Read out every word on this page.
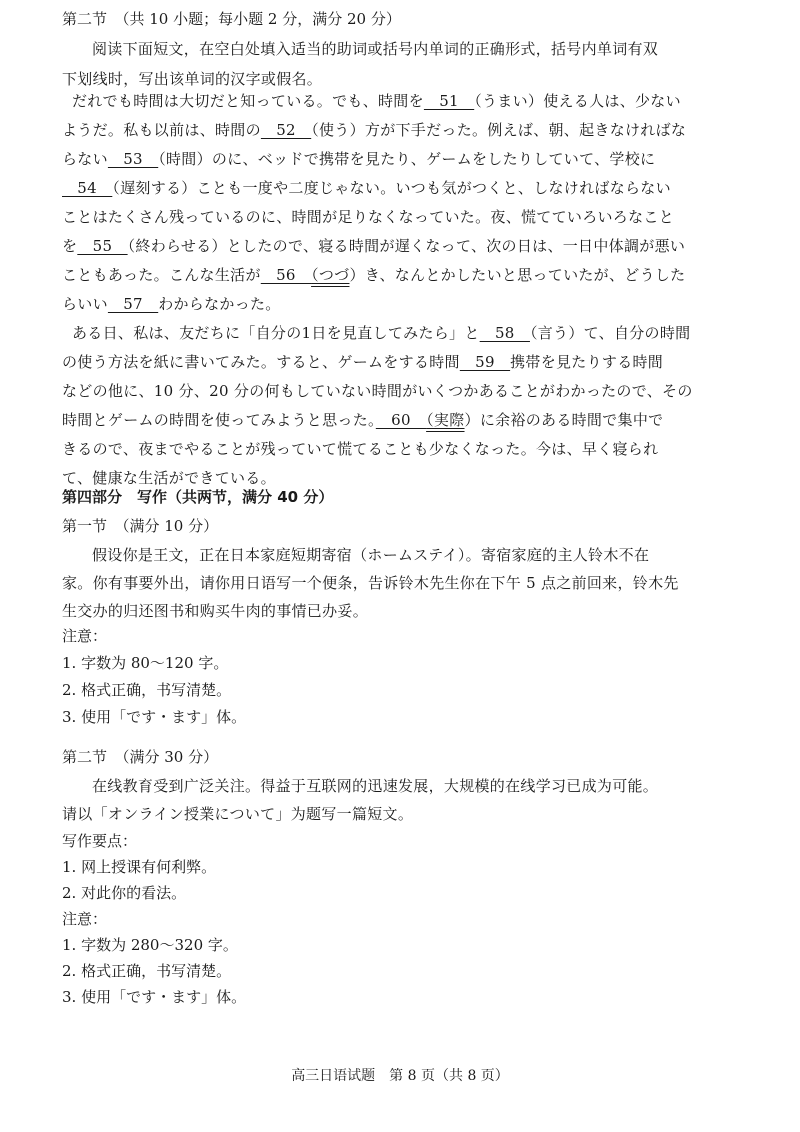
第二节　（共 10 小题；每小题 2 分，满分 20 分）
阅读下面短文，在空白处填入适当的助词或括号内单词的正确形式，括号内单词有双
下划线时，写出该单词的汉字或假名。
だれでも時間は大切だと知っている。でも、時間を　51　（うまい）使える人は、少ない
ようだ。私も以前は、時間の　52　（使う）方が下手だった。例えば、朝、起きなければな
らない　53　（時間）のに、ベッドで携帯を見たり、ゲームをしたりしていて、学校に
　54　（遅刻する）ことも一度や二度じゃない。いつも気がつくと、しなければならない
ことはたくさん残っているのに、時間が足りなくなっていた。夜、慌てていろいろなこと
を　55　（終わらせる）としたので、寝る時間が遅くなって、次の日は、一日中体調が悪い
こともあった。こんな生活が　56　（つづ）き、なんとかしたいと思っていたが、どうした
らいい　57　わからなかった。
ある日、私は、友だちに「自分の1日を見直してみたら」と　58　（言う）て、自分の時間
の使う方法を紙に書いてみた。すると、ゲームをする時間　59　携帯を見たりする時間
などの他に、10 分、20 分の何もしていない時間がいくつかあることがわかったので、その
時間とゲームの時間を使ってみようと思った。　60　（実際）に余裕のある時間で集中で
きるので、夜までやることが残っていて慌てることも少なくなった。今は、早く寝られ
て、健康な生活ができている。
第四部分　写作（共两节，满分 40 分）
第一节　（满分 10 分）
假设你是王文，正在日本家庭短期寄宿（ホームステイ）。寄宿家庭的主人铃木不在
家。你有事要外出，请你用日语写一个便条，告诉铃木先生你在下午 5 点之前回来，铃木先
生交办的归还图书和购买牛肉的事情已办妥。
注意：
1. 字数为 80～120 字。
2. 格式正确，书写清楚。
3. 使用「です・ます」体。
第二节　（满分 30 分）
在线教育受到广泛关注。得益于互联网的迅速发展，大规模的在线学习已成为可能。
请以「オンライン授業について」为题写一篇短文。
写作要点：
1. 网上授课有何利弊。
2. 对此你的看法。
注意：
1. 字数为 280～320 字。
2. 格式正确，书写清楚。
3. 使用「です・ます」体。
高三日语试题　第 8 页（共 8 页）
